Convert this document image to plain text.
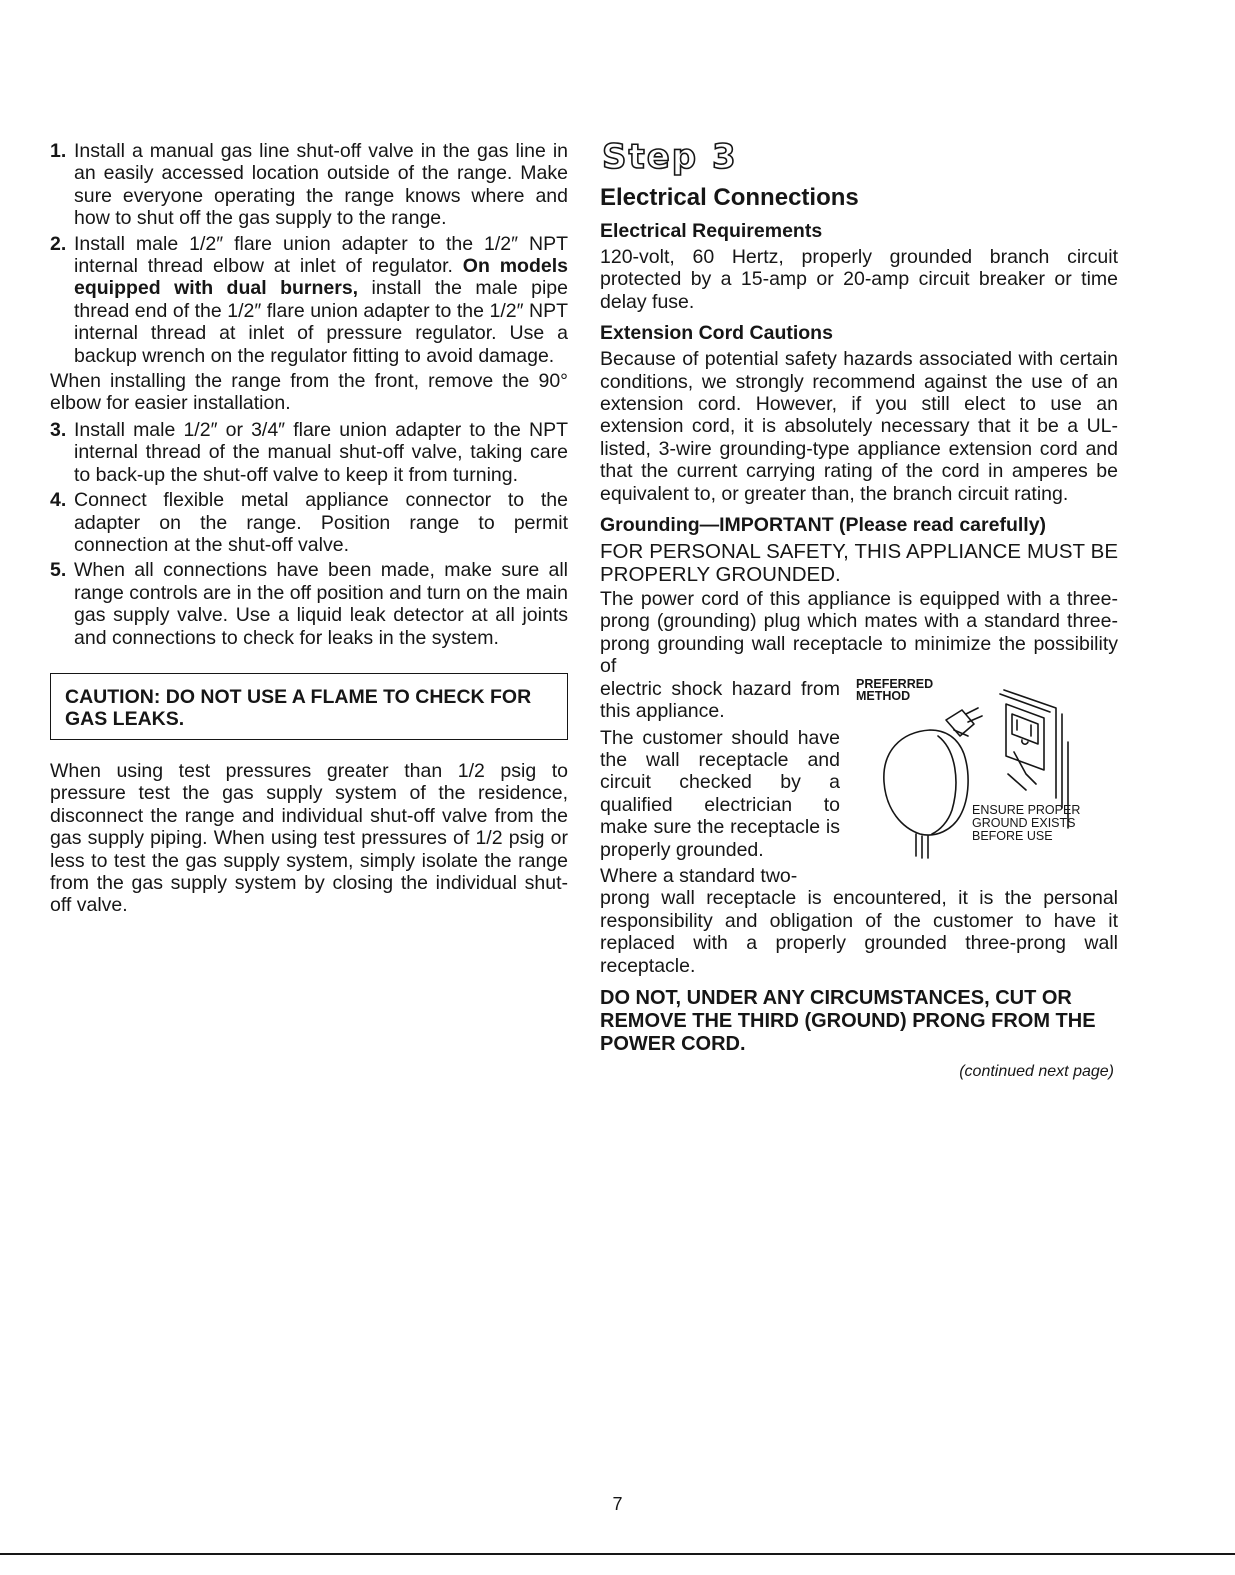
1. Install a manual gas line shut-off valve in the gas line in an easily accessed location outside of the range. Make sure everyone operating the range knows where and how to shut off the gas supply to the range.
2. Install male 1/2″ flare union adapter to the 1/2″ NPT internal thread elbow at inlet of regulator. On models equipped with dual burners, install the male pipe thread end of the 1/2″ flare union adapter to the 1/2″ NPT internal thread at inlet of pressure regulator. Use a backup wrench on the regulator fitting to avoid damage.

When installing the range from the front, remove the 90° elbow for easier installation.

3. Install male 1/2″ or 3/4″ flare union adapter to the NPT internal thread of the manual shut-off valve, taking care to back-up the shut-off valve to keep it from turning.
4. Connect flexible metal appliance connector to the adapter on the range. Position range to permit connection at the shut-off valve.
5. When all connections have been made, make sure all range controls are in the off position and turn on the main gas supply valve. Use a liquid leak detector at all joints and connections to check for leaks in the system.
CAUTION: DO NOT USE A FLAME TO CHECK FOR GAS LEAKS.

When using test pressures greater than 1/2 psig to pressure test the gas supply system of the residence, disconnect the range and individual shut-off valve from the gas supply piping. When using test pressures of 1/2 psig or less to test the gas supply system, simply isolate the range from the gas supply system by closing the individual shut-off valve.

Step 3
Electrical Connections
Electrical Requirements

120-volt, 60 Hertz, properly grounded branch circuit protected by a 15-amp or 20-amp circuit breaker or time delay fuse.

Extension Cord Cautions

Because of potential safety hazards associated with certain conditions, we strongly recommend against the use of an extension cord. However, if you still elect to use an extension cord, it is absolutely necessary that it be a UL-listed, 3-wire grounding-type appliance extension cord and that the current carrying rating of the cord in amperes be equivalent to, or greater than, the branch circuit rating.

Grounding—IMPORTANT (Please read carefully)

FOR PERSONAL SAFETY, THIS APPLIANCE MUST BE PROPERLY GROUNDED.

The power cord of this appliance is equipped with a three-prong (grounding) plug which mates with a standard three-prong grounding wall receptacle to minimize the possibility of

electric shock hazard from this appliance.

The customer should have the wall receptacle and circuit checked by a qualified electrician to make sure the receptacle is properly grounded.

Where a standard two-

PREFERRED
METHOD
ENSURE PROPER
GROUND EXISTS
BEFORE USE

prong wall receptacle is encountered, it is the personal responsibility and obligation of the customer to have it replaced with a properly grounded three-prong wall receptacle.

DO NOT, UNDER ANY CIRCUMSTANCES, CUT OR REMOVE THE THIRD (GROUND) PRONG FROM THE POWER CORD.
(continued next page)
7
